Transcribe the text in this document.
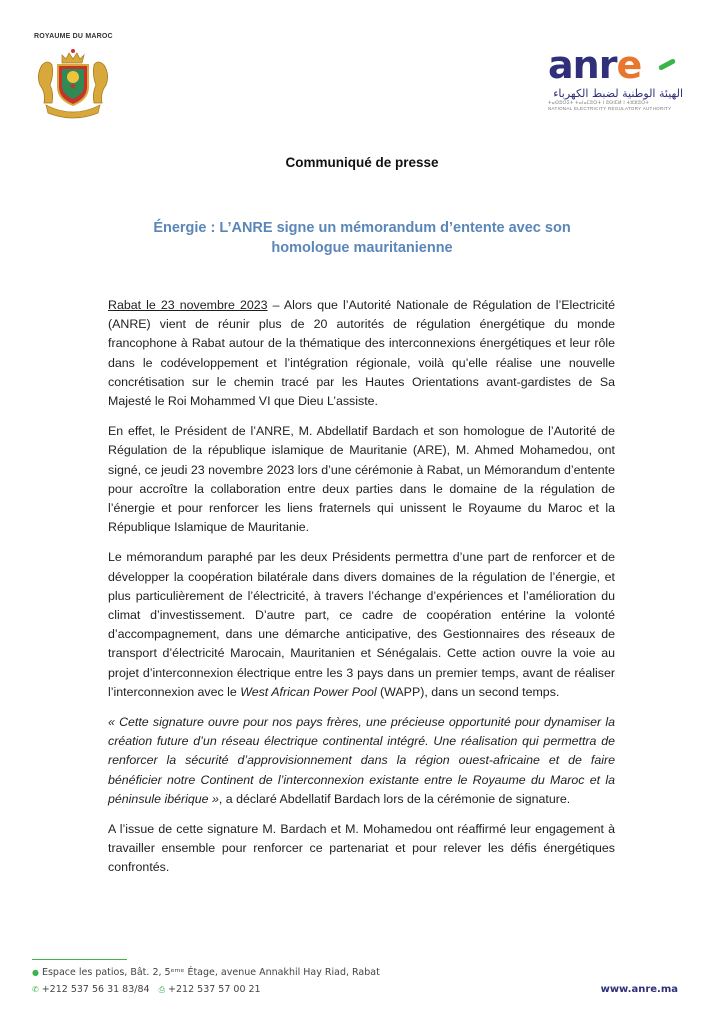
ROYAUME DU MAROC
anre
الهيئة الوطنية لضبط الكهرباء
ⵜⴰⵙⵓⵔⵉⵜ ⵜⴰⵏⴰⵎⵓⵔⵜ ⵏ ⵓⵙⵏⵎⵍ ⵏ ⵜⵣⵣⵓⵔⵜ
NATIONAL ELECTRICITY REGULATORY AUTHORITY
Communiqué de presse
Énergie : L’ANRE signe un mémorandum d’entente avec son
homologue mauritanienne

Rabat le 23 novembre 2023 – Alors que l’Autorité Nationale de Régulation de l’Electricité (ANRE) vient de réunir plus de 20 autorités de régulation énergétique du monde francophone à Rabat autour de la thématique des interconnexions énergétiques et leur rôle dans le codéveloppement et l’intégration régionale, voilà qu’elle réalise une nouvelle concrétisation sur le chemin tracé par les Hautes Orientations avant-gardistes de Sa Majesté le Roi Mohammed VI que Dieu L’assiste.

En effet, le Président de l’ANRE, M. Abdellatif Bardach et son homologue de l’Autorité de Régulation de la république islamique de Mauritanie (ARE), M. Ahmed Mohamedou, ont signé, ce jeudi 23 novembre 2023 lors d’une cérémonie à Rabat, un Mémorandum d’entente pour accroître la collaboration entre deux parties dans le domaine de la régulation de l’énergie et pour renforcer les liens fraternels qui unissent le Royaume du Maroc et la République Islamique de Mauritanie.

Le mémorandum paraphé par les deux Présidents permettra d’une part de renforcer et de développer la coopération bilatérale dans divers domaines de la régulation de l’énergie, et plus particulièrement de l’électricité, à travers l’échange d’expériences et l’amélioration du climat d’investissement. D’autre part, ce cadre de coopération entérine la volonté d’accompagnement, dans une démarche anticipative, des Gestionnaires des réseaux de transport d’électricité Marocain, Mauritanien et Sénégalais. Cette action ouvre la voie au projet d’interconnexion électrique entre les 3 pays dans un premier temps, avant de réaliser l’interconnexion avec le West African Power Pool (WAPP), dans un second temps.

« Cette signature ouvre pour nos pays frères, une précieuse opportunité pour dynamiser la création future d’un réseau électrique continental intégré. Une réalisation qui permettra de renforcer la sécurité d’approvisionnement dans la région ouest-africaine et de faire bénéficier notre Continent de l’interconnexion existante entre le Royaume du Maroc et la péninsule ibérique », a déclaré Abdellatif Bardach lors de la cérémonie de signature.

A l’issue de cette signature M. Bardach et M. Mohamedou ont réaffirmé leur engagement à travailler ensemble pour renforcer ce partenariat et pour relever les défis énergétiques confrontés.

● Espace les patios, Bât. 2, 5ᵉᵐᵉ Étage, avenue Annakhil Hay Riad, Rabat
✆ +212 537 56 31 83/84 ⎙ +212 537 57 00 21	www.anre.ma
